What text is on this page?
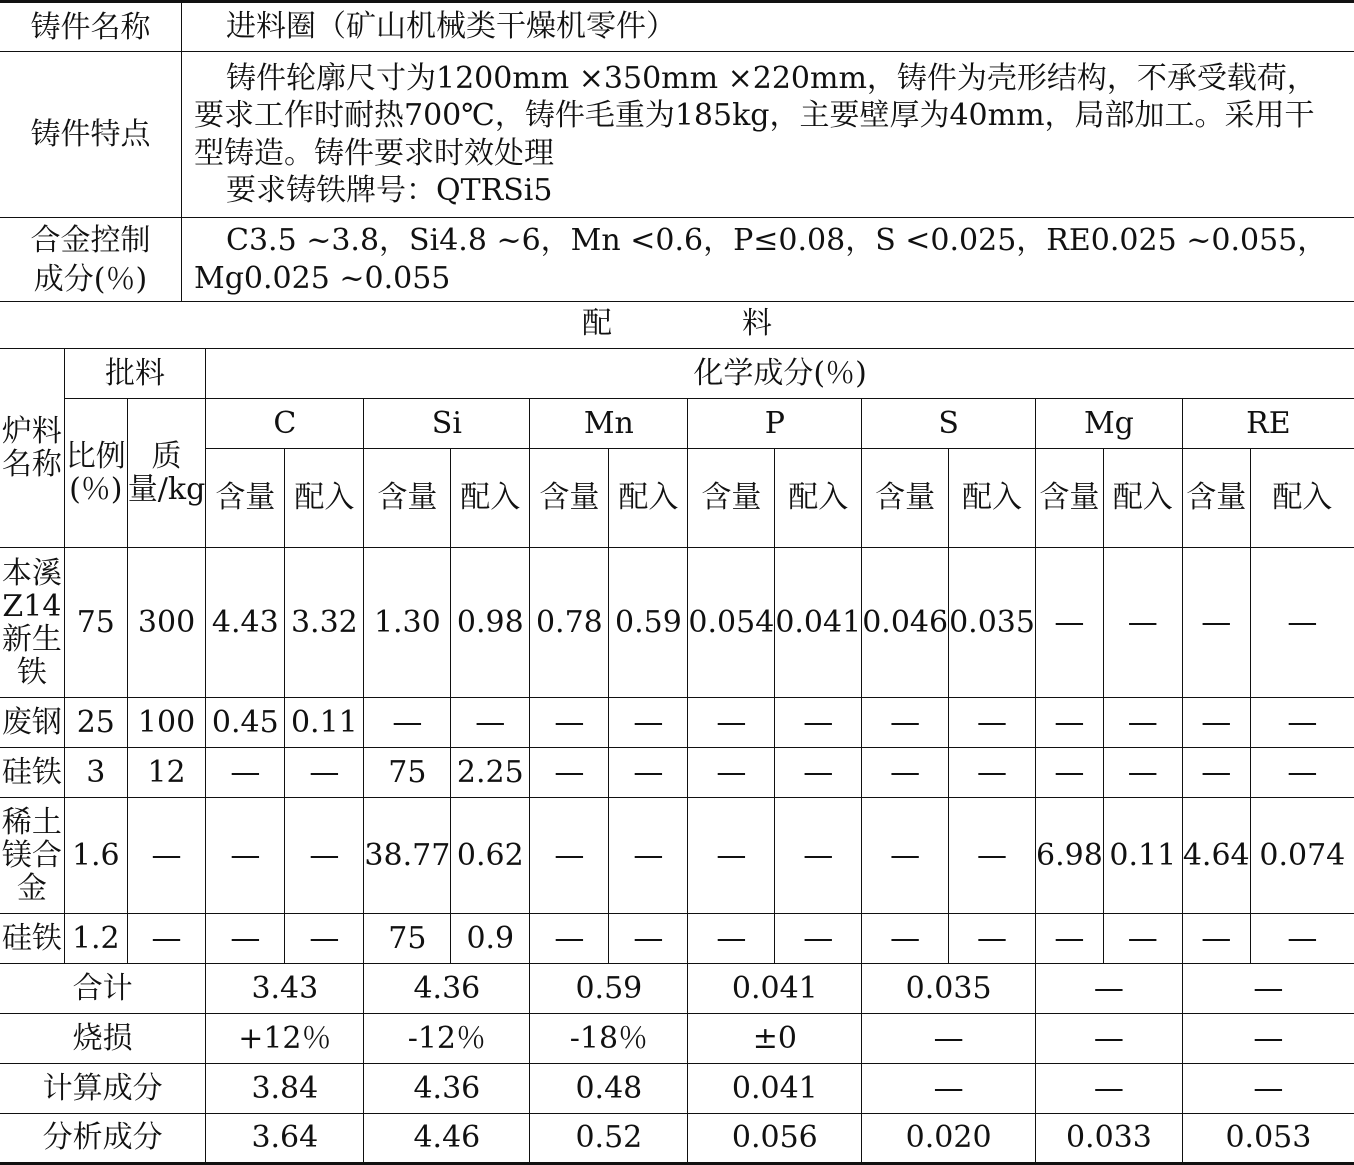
铸件名称	进料圈（矿山机械类干燥机零件）

铸件特点	铸件轮廓尺寸为1200mm ×350mm ×220mm，铸件为壳形结构，不承受载荷，要求工作时耐热700℃，铸件毛重为185kg，主要壁厚为40mm，局部加工。采用干型铸造。铸件要求时效处理
要求铸铁牌号：QTRSi5

合金控制
成分(％)	C3.5 ~3.8，Si4.8 ~6，Mn <0.6，P≤0.08，S <0.025，RE0.025 ~0.055，Mg0.025 ~0.055
配	料
炉料名称	批料		化学成分(％)													
	比例(％)	质量/kg	C		Si		Mn		P		S		Mg		RE	
			含量	配入	含量	配入	含量	配入	含量	配入	含量	配入	含量	配入	含量	配入
本溪Z14新生铁	75	300	4.43	3.32	1.30	0.98	0.78	0.59	0.054	0.041	0.046	0.035	—	—	—	—
废钢	25	100	0.45	0.11	—	—	—	—	—	—	—	—	—	—	—	—
硅铁	3	12	—	—	75	2.25	—	—	—	—	—	—	—	—	—	—
稀土镁合金	1.6	—	—	—	38.77	0.62	—	—	—	—	—	—	6.98	0.11	4.64	0.074
硅铁	1.2	—	—	—	75	0.9	—	—	—	—	—	—	—	—	—	—
合计			3.43		4.36		0.59		0.041		0.035		—		—	
烧损			+12％		-12％		-18％		±0		—		—		—	
计算成分			3.84		4.36		0.48		0.041		—		—		—	
分析成分			3.64		4.46		0.52		0.056		0.020		0.033		0.053	
